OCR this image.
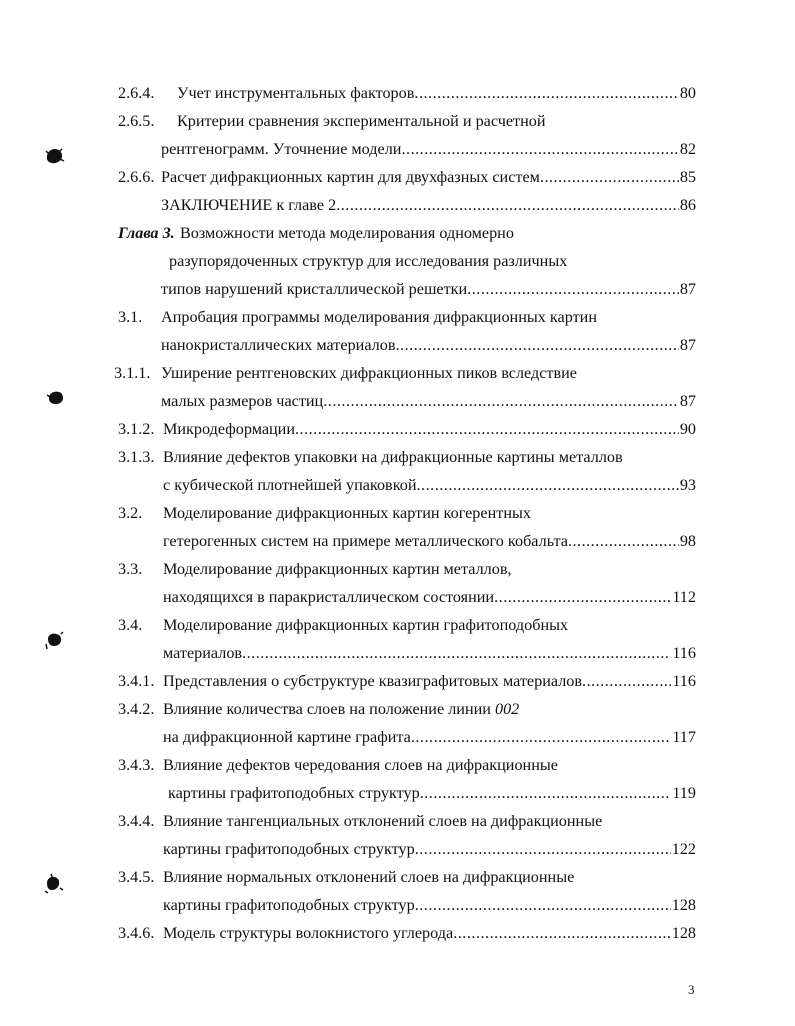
2.6.4. Учет инструментальных факторов .....	80
2.6.5. Критерии сравнения экспериментальной и расчетной
рентгенограмм. Уточнение модели .....	82
2.6.6. Расчет дифракционных картин для двухфазных систем .....	85
ЗАКЛЮЧЕНИЕ к главе 2 .....	86
Глава 3. Возможности метода моделирования одномерно
разупорядоченных структур для исследования различных
типов нарушений кристаллической решетки .....	87
3.1. Апробация программы моделирования дифракционных картин
нанокристаллических материалов .....	87
3.1.1. Уширение рентгеновских дифракционных пиков вследствие
малых размеров частиц .....	87
3.1.2. Микродеформации .....	90
3.1.3. Влияние дефектов упаковки на дифракционные картины металлов
с кубической плотнейшей упаковкой .....	93
3.2. Моделирование дифракционных картин когерентных
гетерогенных систем на примере металлического кобальта .....	98
3.3. Моделирование дифракционных картин металлов,
находящихся в паракристаллическом состоянии .....	112
3.4. Моделирование дифракционных картин графитоподобных
материалов .....	116
3.4.1. Представления о субструктуре квазиграфитовых материалов .....	116
3.4.2. Влияние количества слоев на положение линии 002
на дифракционной картине графита .....	117
3.4.3. Влияние дефектов чередования слоев на дифракционные
картины графитоподобных структур .....	119
3.4.4. Влияние тангенциальных отклонений слоев на дифракционные
картины графитоподобных структур .....	122
3.4.5. Влияние нормальных отклонений слоев на дифракционные
картины графитоподобных структур .....	128
3.4.6. Модель структуры волокнистого углерода .....	128
3
